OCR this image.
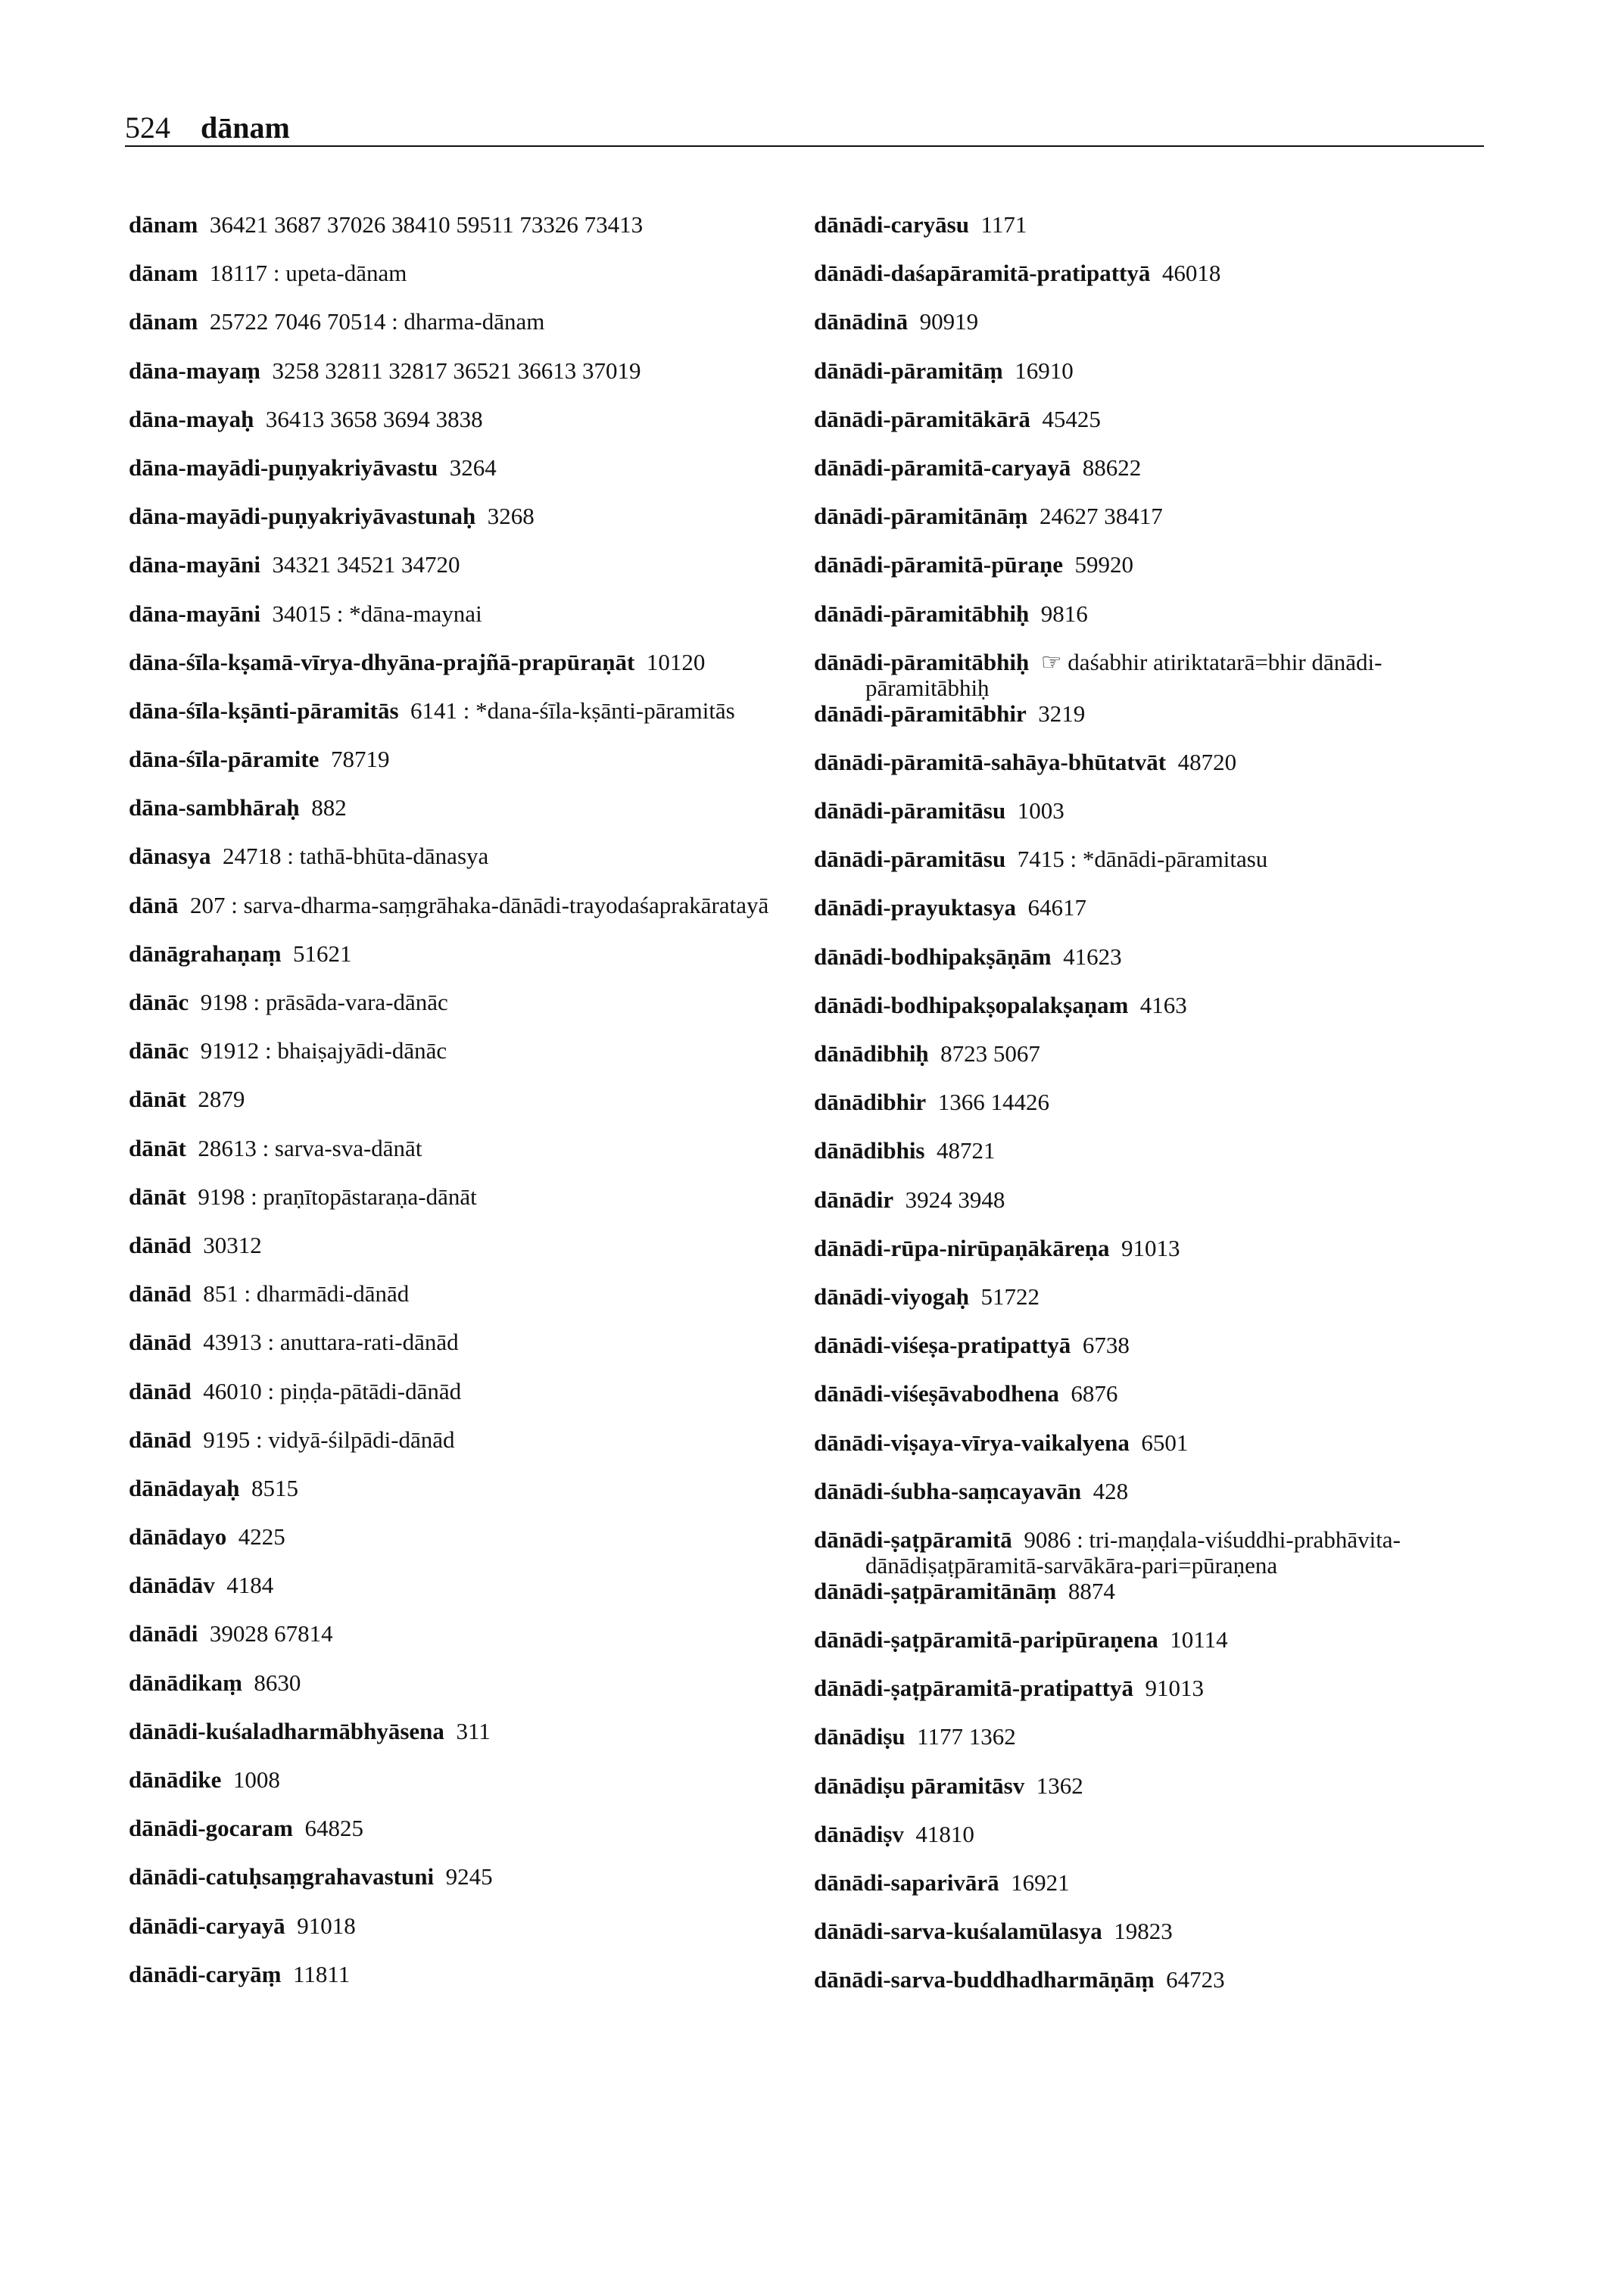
524 dānam
dānam 36421 3687 37026 38410 59511 73326 73413
dānam 18117 : upeta-dānam
dānam 25722 7046 70514 : dharma-dānam
dāna-mayaṃ 3258 32811 32817 36521 36613 37019
dāna-mayaḥ 36413 3658 3694 3838
dāna-mayādi-puṇyakriyāvastu 3264
dāna-mayādi-puṇyakriyāvastunaḥ 3268
dāna-mayāni 34321 34521 34720
dāna-mayāni 34015 : *dāna-maynai
dāna-śīla-kṣamā-vīrya-dhyāna-prajñā-prapūraṇāt 10120
dāna-śīla-kṣānti-pāramitās 6141 : *dana-śīla-kṣānti-pāramitās
dāna-śīla-pāramite 78719
dāna-sambhāraḥ 882
dānasya 24718 : tathā-bhūta-dānasya
dānā 207 : sarva-dharma-saṃgrāhaka-dānādi-trayodaśaprakāratayā
dānāgrahaṇaṃ 51621
dānāc 9198 : prāsāda-vara-dānāc
dānāc 91912 : bhaiṣajyādi-dānāc
dānāt 2879
dānāt 28613 : sarva-sva-dānāt
dānāt 9198 : praṇītopāstaraṇa-dānāt
dānād 30312
dānād 851 : dharmādi-dānād
dānād 43913 : anuttara-rati-dānād
dānād 46010 : piṇḍa-pātādi-dānād
dānād 9195 : vidyā-śilpādi-dānād
dānādayaḥ 8515
dānādayo 4225
dānādāv 4184
dānādi 39028 67814
dānādikaṃ 8630
dānādi-kuśaladharmābhyāsena 311
dānādike 1008
dānādi-gocaram 64825
dānādi-catuḥsaṃgrahavastuni 9245
dānādi-caryayā 91018
dānādi-caryāṃ 11811
dānādi-caryāsu 1171
dānādi-daśapāramitā-pratipattyā 46018
dānādinā 90919
dānādi-pāramitāṃ 16910
dānādi-pāramitākārā 45425
dānādi-pāramitā-caryayā 88622
dānādi-pāramitānāṃ 24627 38417
dānādi-pāramitā-pūraṇe 59920
dānādi-pāramitābhiḥ 9816
dānādi-pāramitābhiḥ ☞ daśabhir atiriktatarā=bhir dānādi-pāramitābhiḥ
dānādi-pāramitābhir 3219
dānādi-pāramitā-sahāya-bhūtatvāt 48720
dānādi-pāramitāsu 1003
dānādi-pāramitāsu 7415 : *dānādi-pāramitasu
dānādi-prayuktasya 64617
dānādi-bodhipakṣāṇām 41623
dānādi-bodhipakṣopalakṣaṇam 4163
dānādibhiḥ 8723 5067
dānādibhir 1366 14426
dānādibhis 48721
dānādir 3924 3948
dānādi-rūpa-nirūpaṇākāreṇa 91013
dānādi-viyogaḥ 51722
dānādi-viśeṣa-pratipattyā 6738
dānādi-viśeṣāvabodhena 6876
dānādi-viṣaya-vīrya-vaikalyena 6501
dānādi-śubha-saṃcayavān 428
dānādi-ṣaṭpāramitā 9086 : tri-maṇḍala-viśuddhi-prabhāvita-dānādiṣaṭpāramitā-sarvākāra-pari=pūraṇena
dānādi-ṣaṭpāramitānāṃ 8874
dānādi-ṣaṭpāramitā-paripūraṇena 10114
dānādi-ṣaṭpāramitā-pratipattyā 91013
dānādiṣu 1177 1362
dānādiṣu pāramitāsv 1362
dānādiṣv 41810
dānādi-saparivārā 16921
dānādi-sarva-kuśalamūlasya 19823
dānādi-sarva-buddhadharmāṇāṃ 64723
